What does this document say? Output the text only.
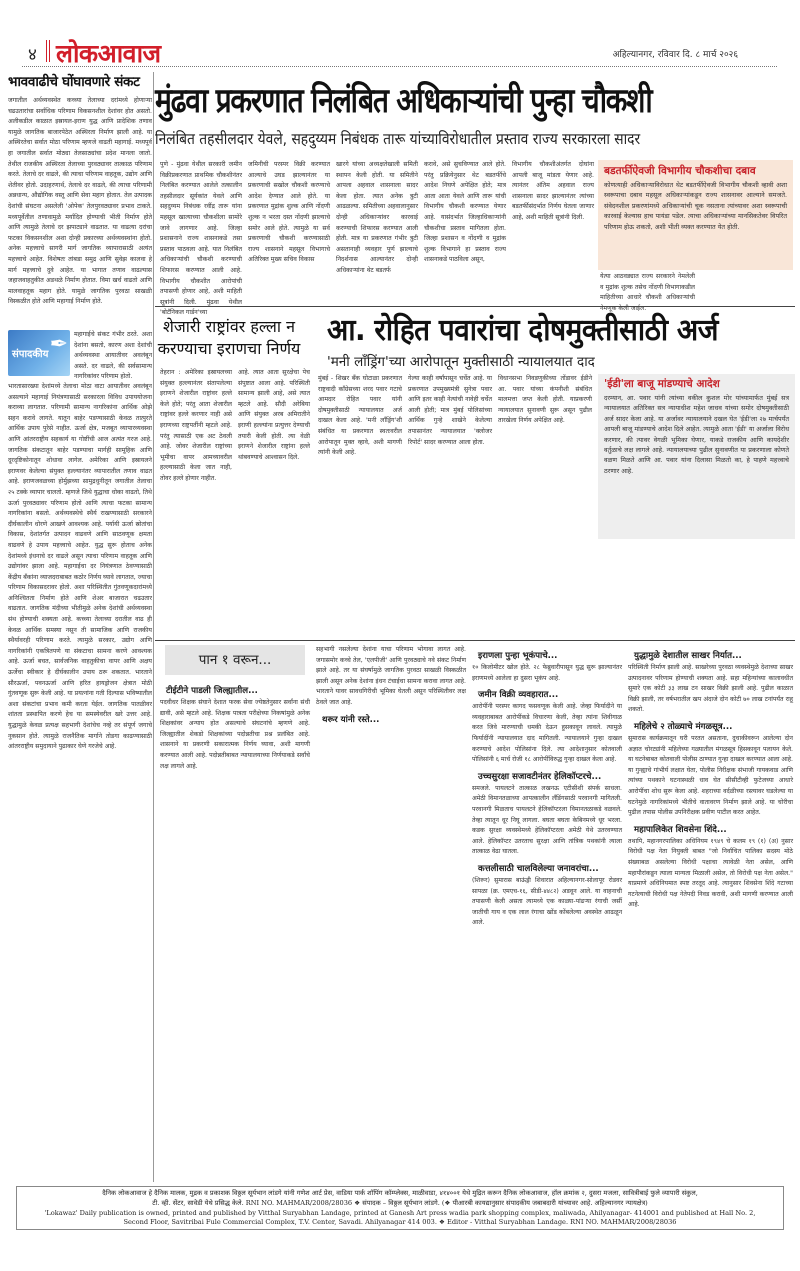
४ लोकआवाज	अहिल्यानगर, रविवार दि. ८ मार्च २०२६
भाववाढीचे घोंघावणारे संकट
जगातील अर्थव्यवस्थेत कच्च्या तेलाच्या दरांमध्ये होणाऱ्या चढउतारांचा सर्वाधिक परिणाम विकसनशील देशांवर होत असतो. अलीकडील काळात इस्रायल-इराण युद्ध आणि प्रादेशिक तणाव यामुळे जागतिक बाजारपेठेत अस्थिरता निर्माण झाली आहे. या अस्थिरतेचा सर्वात मोठा परिणाम म्हणजे वाढती महागाई. मध्यपूर्व हा जगातील सर्वात मोठ्या तेलसाठ्यांचा प्रदेश मानला जातो. तेथील राजकीय अस्थिरता तेलाच्या पुरवठ्यावर तात्काळ परिणाम करते. तेलाचे दर वाढले, की त्याचा परिणाम वाहतूक, उद्योग आणि शेतीवर होतो. उदाहरणार्थ, तेलाचे दर वाढले, की त्याचा परिणामी अन्नधान्य, औद्योगिक वस्तू आणि सेवा महाग होतात. तेल उत्पादक देशांची संघटना असलेली 'ओपेक' तेलपुरवठ्यावर प्रभाव टाकते. मध्यपूर्वेतील तणावामुळे मर्यादित होण्याची भीती निर्माण होते आणि त्यामुळे तेलाचे दर झपाट्याने वाढतात. या वाढत्या दरांचा फटका विकसनशील अशा दोन्ही प्रकारच्या अर्थव्यवस्थांना होतो. अनेक महत्त्वाचे सागरी मार्ग जागतिक व्यापारासाठी अत्यंत महत्त्वाचे आहेत. विशेषतः तांबडा समुद्र आणि सुवेझ कालवा हे मार्ग महत्त्वाचे दुवे आहेत. या भागात तणाव वाढल्यास जहाजवाहतुकीत अडथळे निर्माण होतात. विमा खर्च वाढतो आणि मालवाहतूक महाग होते. यामुळे जागतिक पुरवठा साखळी विस्कळीत होते आणि महागाई निर्माण होते.
संपादकीय ✒ महागाईचे संकट गंभीर ठरते. अशा देशांना बसतो, कारण अशा देशांची अर्थव्यवस्था आयातीवर अवलंबून असते. दर वाढले, की सर्वसामान्य नागरिकांवर परिणाम होतो.
भारतासारख्या देशांमध्ये तेलाचा मोठा वाटा आयातीवर अवलंबून असल्याने महागाई नियंत्रणासाठी सरकारला विविध उपाययोजना कराव्या लागतात. परिणामी सामान्य नागरिकांना आर्थिक ओझे सहन करावे लागते. यातून बाहेर पडण्यासाठी केवळ तात्पुरते आर्थिक उपाय पुरेसे नाहीत. ऊर्जा क्षेत्र, मजबूत व्यापारव्यवस्था आणि आंतरराष्ट्रीय सहकार्य या गोष्टींची आज अत्यंत गरज आहे. जागतिक संकटातून बाहेर पडण्याचा मार्गही सामूहिक आणि दूरदृष्टिकोनातून शोधावा लागेल. अमेरिका आणि इस्रायलने इराणवर केलेल्या संयुक्त हल्ल्यानंतर व्यापारातील तणाव वाढत आहे. इराणजवळच्या होर्मुझच्या सामुद्रधुनीतून जगातील तेलाचा २५ टक्के व्यापार चालतो. म्हणजे जिथे युद्धाचा धोका वाढतो, तिथे ऊर्जा पुरवठ्यावर परिणाम होतो आणि त्याचा फटका सामान्य नागरिकांना बसतो. अर्थव्यवस्थेचे स्थैर्य राखण्यासाठी सरकारने दीर्घकालीन धोरणे आखणे आवश्यक आहे. पर्यायी ऊर्जा स्रोतांचा विकास, देशांतर्गत उत्पादन वाढवणे आणि साठवणूक क्षमता वाढवणे हे उपाय महत्त्वाचे आहेत. युद्ध सुरू होताच अनेक देशांमध्ये इंधनाचे दर वाढले असून त्याचा परिणाम वाहतूक आणि उद्योगांवर झाला आहे. महागाईचा दर नियंत्रणात ठेवण्यासाठी केंद्रीय बँकांना व्याजदराबाबत कठोर निर्णय घ्यावे लागतात, ज्याचा परिणाम विकासदरावर होतो. अशा परिस्थितीत गुंतवणूकदारांमध्ये अनिश्चितता निर्माण होते आणि शेअर बाजारात चढउतार वाढतात. जागतिक मंदीच्या भीतीमुळे अनेक देशांची अर्थव्यवस्था संथ होण्याची शक्यता आहे. कच्च्या तेलाच्या दरातील वाढ ही केवळ आर्थिक समस्या नसून ती सामाजिक आणि राजकीय स्थैर्यावरही परिणाम करते. त्यामुळे सरकार, उद्योग आणि नागरिकांनी एकत्रितपणे या संकटाचा सामना करणे आवश्यक आहे. ऊर्जा बचत, सार्वजनिक वाहतुकीचा वापर आणि अक्षय ऊर्जेचा स्वीकार हे दीर्घकालीन उपाय ठरू शकतात. भारताने सौरऊर्जा, पवनऊर्जा आणि हरित हायड्रोजन क्षेत्रात मोठी गुंतवणूक सुरू केली आहे. या प्रयत्नांना गती दिल्यास भविष्यातील अशा संकटांचा प्रभाव कमी करता येईल. जागतिक पातळीवर शांतता प्रस्थापित करणे हेच या समस्येवरील खरे उत्तर आहे. युद्धामुळे केवळ प्रत्यक्ष सहभागी देशांचेच नव्हे तर संपूर्ण जगाचे नुकसान होते. त्यामुळे राजनैतिक मार्गाने तोडगा काढण्यासाठी आंतरराष्ट्रीय समुदायाने पुढाकार घेणे गरजेचे आहे.
मुंढवा प्रकरणात निलंबित अधिकाऱ्यांची पुन्हा चौकशी
निलंबित तहसीलदार येवले, सहदुय्यम निबंधक तारू यांच्याविरोधातील प्रस्ताव राज्य सरकारला सादर
पुणे - मुंढवा येथील सरकारी जमीन विक्रीप्रकरणात प्राथमिक चौकशीनंतर निलंबित करण्यात आलेले तत्कालीन तहसीलदार सूर्यकांत येवले आणि सहदुय्यम निबंधक रवींद्र तारू यांना महसूल खात्याच्या चौकशीला सामोरे जावे लागणार आहे. जिल्हा प्रशासनाने राज्य शासनाकडे तसा प्रस्ताव पाठवला आहे. यात निलंबित अधिकाऱ्यांची चौकशी करण्याची शिफारस करण्यात आली आहे. विभागीय चौकशीत आरोपांची तपासणी होणार आहे, अशी माहिती सूत्रांनी दिली. मुंढवा येथील 'बोटॅनिकल गार्डन'च्या
जमिनीची परस्पर विक्री करण्यात आल्याचे उघड झाल्यानंतर या प्रकरणाची सखोल चौकशी करण्याचे आदेश देण्यात आले होते. या प्रकरणात मुद्रांक शुल्क आणि नोंदणी शुल्क न भरता दस्त नोंदणी झाल्याचे समोर आले होते. त्यामुळे या सर्व प्रकरणाची चौकशी करण्यासाठी राज्य शासनाने महसूल विभागाचे अतिरिक्त मुख्य सचिव विकास
खारगे यांच्या अध्यक्षतेखाली समिती स्थापन केली होती. या समितीने आपला अहवाल शासनाला सादर केला होता. त्यात अनेक त्रुटी आढळल्या. समितीच्या अहवालानुसार दोन्ही अधिकाऱ्यांवर कारवाई करण्याची शिफारस करण्यात आली होती. मात्र या प्रकरणात गंभीर त्रुटी असतानाही व्यवहार पूर्ण झाल्याचे निदर्शनास आल्यानंतर दोन्ही अधिकाऱ्यांना थेट बडतर्फ
करावे, असे सुचविण्यात आले होते. परंतु प्रक्रियेनुसार थेट बडतर्फीचे आदेश निघणे अपेक्षित होते; मात्र आता आता येवले आणि तारू यांची विभागीय चौकशी करण्यात येणार आहे. यासंदर्भात जिल्हाधिकाऱ्यांनी चौकशीचा प्रस्ताव मागितला होता. जिल्हा प्रशासन व नोंदणी व मुद्रांक शुल्क विभागाने हा प्रस्ताव राज्य शासनाकडे पाठविला असून,
विभागीय चौकशीअंतर्गत दोघांना आपली बाजू मांडता येणार आहे. त्यानंतर अंतिम अहवाल राज्य शासनाला सादर झाल्यानंतर त्यांच्या बडतर्फीसंदर्भात निर्णय घेतला जाणार आहे, अशी माहिती सूत्रांनी दिली.
बडतर्फीऐवजी विभागीय चौकशीचा दबाव
कोणत्याही अधिकाऱ्याविरोधात थेट बडतर्फीऐवजी विभागीय चौकशी व्हावी अशा स्वरूपाचा दबाव महसूल अधिकाऱ्यांकडून राज्य शासनावर आल्याने समजते. संवेदनशील प्रकरणांमध्ये अधिकाऱ्यांची चूक नसताना त्यांच्यावर अशा स्वरूपाची कारवाई केल्यास हाच पायंडा पडेल. त्याचा अधिकाऱ्यांच्या मानसिकतेवर विपरित परिणाम होऊ शकतो, अशी भीती व्यक्त करण्यात येत होती.
येत्या आठवड्यात राज्य सरकारने नेमलेली व मुद्रांक शुल्क तसेच नोंदणी विभागाकडील माहितीच्या आधारे चौकशी अधिकाऱ्यांची नेमणूक केली जाईल.
शेजारी राष्ट्रांवर हल्ला न करण्याचा इराणचा निर्णय
तेहरान : अमेरिका इस्रायलच्या संयुक्त हल्ल्यानंतर संतापलेल्या इराणने शेजारील राष्ट्रांवर हल्ले केले होते; परंतु आता शेजारील राष्ट्रांवर हल्ले करणार नाही असे इराणच्या राष्ट्रपतींनी म्हटले आहे. परंतु त्यासाठी एक अट ठेवली आहे. जोवर शेजारील राष्ट्रांच्या भूमीचा वापर आमच्यावरील हल्ल्यासाठी केला जात नाही, तोवर हल्ले होणार नाहीत.
आहे. त्यात आता सुरक्षेचा पेच संपुष्टात आला आहे. परिस्थिती सामान्य झाली आहे, असे त्यात म्हटले आहे. सौदी अरेबिया आणि संयुक्त अरब अमिरातीने इराणी हल्ल्यांना प्रत्युत्तर देण्याची तयारी केली होती. त्या वेळी इराणने शेजारील राष्ट्रांना हल्ले थांबवण्याचे आश्वासन दिले.
आ. रोहित पवारांचा दोषमुक्तीसाठी अर्ज
'मनी लाँड्रिंग'च्या आरोपातून मुक्तीसाठी न्यायालयात दाद
मुंबई - शिखर बँक घोटाळा प्रकरणात राष्ट्रवादी काँग्रेसच्या शरद पवार गटाचे आमदार रोहित पवार यांनी दोषमुक्तीसाठी न्यायालयात अर्ज दाखल केला आहे. 'मनी लाँड्रिंग'शी संबंधित या प्रकरणात स्वतःवरील आरोपातून मुक्त व्हावे, अशी मागणी त्यांनी केली आहे.
गेल्या काही वर्षांपासून चर्चेत आहे. या प्रकरणात उपमुख्यमंत्री सुनेत्रा पवार आणि इतर काही नेत्यांची नावेही चर्चेत आली होती; मात्र मुंबई पोलिसांच्या आर्थिक गुन्हे शाखेने केलेल्या तपासानंतर न्यायालयात 'क्लोजर रिपोर्ट' सादर करण्यात आला होता.
विधानसभा निवडणुकीच्या तोंडावर ईडीने आ. पवार यांच्या कंपनीशी संबंधित मालमत्ता जप्त केली होती. याप्रकरणी न्यायालयात सुनावणी सुरू असून पुढील तारखेला निर्णय अपेक्षित आहे.
'ईडी'ला बाजू मांडण्याचे आदेश
दरम्यान, आ. पवार यांनी त्यांच्या वकील कुशल मोर यांच्यामार्फत मुंबई सत्र न्यायालयात अतिरिक्त सत्र न्यायाधीश महेश जाधव यांच्या समोर दोषमुक्तीसाठी अर्ज सादर केला आहे. या अर्जावर न्यायालयाने दखल घेत 'ईडी'ला २७ मार्चपर्यंत आपली बाजू मांडण्याचे आदेश दिले आहेत. त्यामुळे आता 'ईडी' या अर्जाला विरोध करणार, की त्यावर वेगळी भूमिका घेणार, याकडे राजकीय आणि कायदेशीर वर्तुळाचे लक्ष लागले आहे. न्यायालयाच्या पुढील सुनावणीत या प्रकरणाला कोणते वळण मिळते आणि आ. पवार यांना दिलासा मिळतो का, हे पाहणे महत्त्वाचे ठरणार आहे.
पान १ वरून...
टीईटीने पाडली जिल्ह्यातील...
पदवीधर शिक्षक संघाने देशात फरक सेवा ज्येष्ठतेनुसार सर्वांना संधी द्यावी, असे म्हटले आहे. शिक्षक पात्रता परीक्षेच्या निकषांमुळे अनेक शिक्षकांवर अन्याय होत असल्याचे संघटनांचे म्हणणे आहे. जिल्ह्यातील शेकडो शिक्षकांच्या पदोन्नतीचा प्रश्न प्रलंबित आहे. शासनाने या प्रकरणी सकारात्मक निर्णय घ्यावा, अशी मागणी करण्यात आली आहे. पदोन्नतीबाबत न्यायालयाच्या निर्णयाकडे सर्वांचे लक्ष लागले आहे.
सहभागी नसलेल्या देशांना याचा परिणाम भोगावा लागत आहे. जगासमोर कच्चे तेल, 'एलपीजी' आणि पुरवठ्याचे नवे संकट निर्माण झाले आहे. तर या संघर्षामुळे जागतिक पुरवठा साखळी विस्कळीत झाली असून अनेक देशांना इंधन टंचाईचा सामना करावा लागत आहे. भारताने यावर सावधगिरीची भूमिका घेतली असून परिस्थितीवर लक्ष ठेवले जात आहे.
थरूर यांनी रस्ते...
इराणला पुन्हा भूकंपाचे...
१० किलोमीटर खोल होते. २८ फेब्रुवारीपासून युद्ध सुरू झाल्यानंतर इराणमध्ये आलेला हा दुसरा भूकंप आहे.
जमीन विक्री व्यवहारात...
आरोपींनी परस्पर कागद फसवणूक केली आहे. जेव्हा फिर्यादीने या व्यवहाराबाबत आरोपींकडे विचारणा केली, तेव्हा त्यांना शिवीगाळ करत जिवे मारण्याची धमकी देऊन हुसकावून लावले. त्यामुळे फिर्यादींनी न्यायालयात दाद मागितली. न्यायालयाने गुन्हा दाखल करण्याचे आदेश पोलिसांना दिले. त्या आदेशानुसार कोतवाली पोलिसांनी ६ मार्च रोजी १८ आरोपींविरुद्ध गुन्हा दाखल केला आहे.
उच्चसुरक्षा सजावटीनंतर हेलिकॉप्टरचे...
समजले. पायलटने तात्काळ लखनऊ एटीसीशी संपर्क साधला. अमेठी विमानतळाच्या आपत्कालीन लँडिंगसाठी परवानगी मागितली. परवानगी मिळताच पायलटने हेलिकॉप्टरला विमानतळाकडे वळवले. तेव्हा त्यातून धूर निघू लागला. बघता बघता केबिनमध्ये धूर भरला. कडक सुरक्षा व्यवस्थेमध्ये हेलिकॉप्टरला अमेठी येथे उतरवण्यात आले. हेलिकॉप्टर उतरताच सुरक्षा आणि तांत्रिक पथकांनी त्याला तात्काळ वेढा घातला.
कत्तलीसाठी चालविलेल्या जनावरांचा...
(शिरूर) सुमारास बाऊंड्री शिवारात अहिल्यानगर-सोलापूर रोडवर सापळा (क्र. एमएच-१६, सीडी-४४८२) अडवून आले. या वाहनाची तपासणी केली असता त्यामध्ये एक काळ्या-पांढऱ्या रंगाची जर्सी जातीची गाय व एक लाल रंगाचा खोंड कोंबलेल्या अवस्थेत आढळून आले.
युद्धामुळे देशातील साखर निर्यात...
परिस्थिती निर्माण झाली आहे. साखरेच्या पुरवठा व्यवस्थेमुळे देशाच्या साखर उत्पादनावर परिणाम होण्याची शक्यता आहे. सहा महिन्यांच्या कालावधीत सुमारे एक कोटी ३३ लाख टन साखर विक्री झाली आहे. पुढील काळात विक्री झाली, तर वर्षभरातील खप अंदाजे दोन कोटी ७० लाख टनांपर्यंत राहू शकतो.
महिलेचे २ तोळ्याचे मंगळसूत्र...
सुमारास कार्यक्रमातून घरी परतत असताना, दुचाकीवरून आलेल्या दोन अज्ञात चोरट्यांनी महिलेच्या गळ्यातील मंगळसूत्र हिसकावून पलायन केले. या घटनेबाबत कोतवाली पोलीस ठाण्यात गुन्हा दाखल करण्यात आला आहे. या गुन्ह्याचे गांभीर्य लक्षात घेता, पोलीस निरीक्षक संभाजी गायकवाड आणि त्यांच्या पथकाने घटनास्थळी धाव घेत सीसीटीव्ही फुटेजच्या आधारे आरोपींचा शोध सुरू केला आहे. शहराच्या वर्दळीच्या रस्त्यावर घडलेल्या या घटनेमुळे नागरिकांमध्ये भीतीचे वातावरण निर्माण झाले आहे. या चोरीचा पुढील तपास पोलीस उपनिरीक्षक प्रवीण पाटील करत आहेत.
महापालिकेत शिवसेना शिंदे...
तथापि, महानगरपालिका अधिनियम १९४९ चे कलम १९ (१) (अ) नुसार विरोधी पक्ष नेता नियुक्ती बाबत "जो निर्वाचित पालिका सदस्य मोठे संख्याबळ असलेल्या विरोधी पक्षाचा त्यावेळी नेता असेल, आणि महापौरांकडून त्याला मान्यता मिळाली असेल, तो विरोधी पक्ष नेता असेल." याप्रमाणे अधिनियमात स्पष्ट तरतूद आहे. त्यानुसार शिवसेना शिंदे गटाच्या गटनेत्याची विरोधी पक्ष नेतेपदी निवड करावी, अशी मागणी करण्यात आली आहे.
दैनिक लोकआवाज हे दैनिक मालक, मुद्रक व प्रकाशक विठ्ठल सूर्यभान लांडगे यांनी गणेश आर्ट प्रेस, वाडिया पार्क शॉपिंग कॉम्प्लेक्स, माळीवाडा, ४१४००१ येथे मुद्रित करून दैनिक लोकआवाज, हॉल क्रमांक २, दुसरा मजला, सावित्रीबाई फुले व्यापारी संकुल,
टी. व्ही. सेंटर, सावेडी येथे प्रसिद्ध केले. RNI NO. MAHMAR/2008/28036 ❖ संपादक – विठ्ठल सूर्यभान लांडगे. (❖ पीआरबी कायद्यानुसार संपादकीय जबाबदारी यांच्यावर आहे. अहिल्यानगर न्यायक्षेत्र)
'Lokawaz' Daily publication is owned, printed and published by Vitthal Suryabhan Landage, printed at Ganesh Art press wadia park shopping complex, maliwada, Ahilyanagar- 414001 and published at Hall No. 2,
Second Floor, Savitribai Fule Commercial Complex, T.V. Center, Savadi. Ahilyanagar 414 003. ❖ Editor - Vitthal Suryabhan Landage. RNI NO. MAHMAR/2008/28036
